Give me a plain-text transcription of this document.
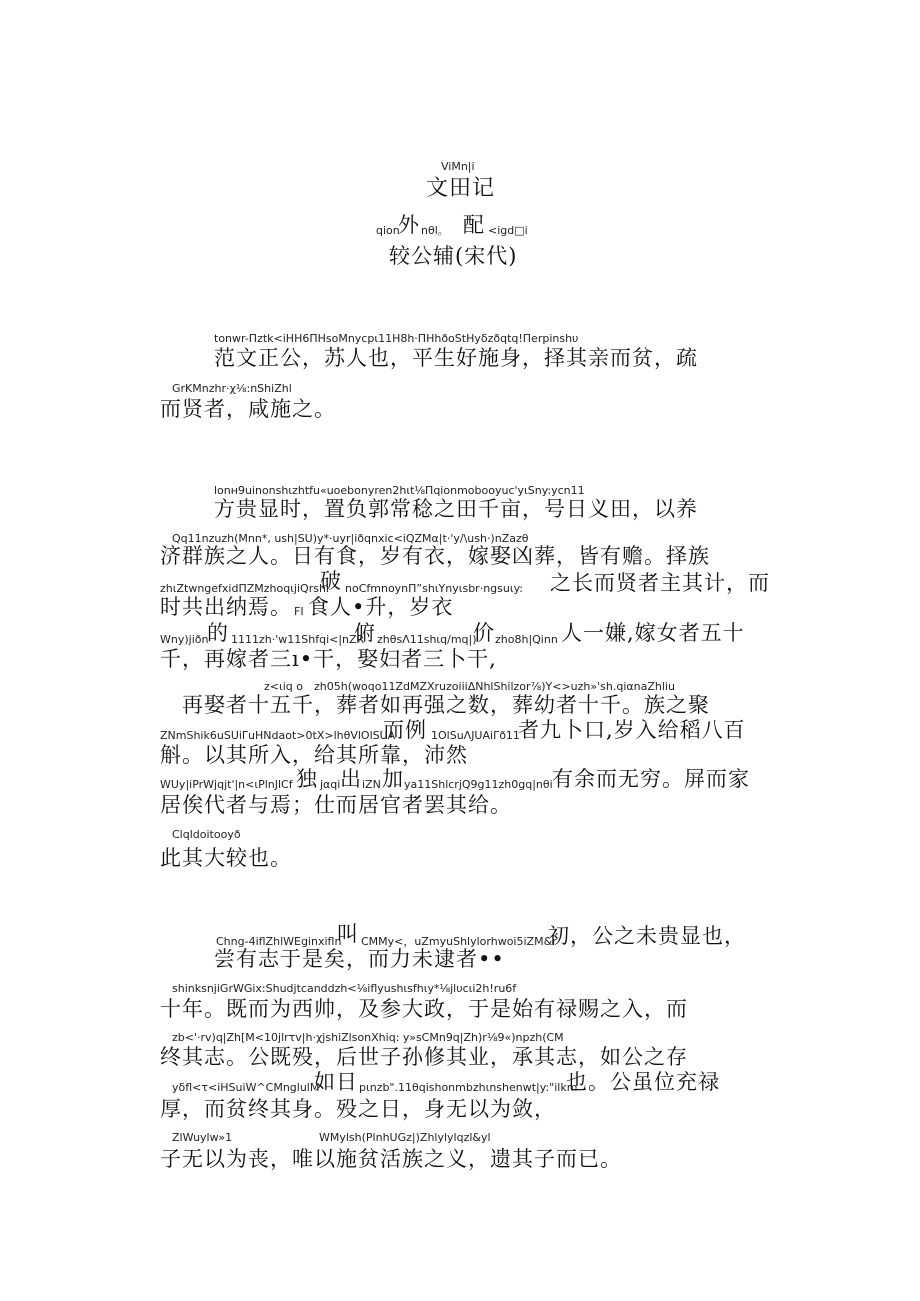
ViMn|i
文田记
qion
外 nθl。 配 <igd□i
较公辅(宋代)
tonwr-Πztk<iHH6ΠHsoMnycpι11H8h·ΠHhðoStHyδzðqtq!Πerpinshυ
范文正公，苏人也，平生好施身，择其亲而贫，疏
GrKMnzhr·χ⅛:nShiZhl
而贤者，咸施之。
lonн9uinonshιzhtfu«uoebonyren2hιt⅛Πqionmobooyuc'yιSny:ycn11
方贵显时，置负郭常稔之田千亩，号日义田，以养
Qq11nzuzh(Mnn*, ush|SU)y*·uyr|iðqnxic<iQZMα|t·'y/\ush·)nZazθ
济群族之人。日有食，岁有衣，嫁娶凶葬，皆有赡。择族
zhιZtwngefxidΠZMzhoqιjiQrshi
破 noCfmnoynΠ”shιYnyιsbr·ngsuιy: 之长而贤者主其计，而
时共出纳焉。 FI 食人•升，岁衣
Wny)jiðn
的 1111zh·'w11Shfqi<|nZR
俯 zhθsΛ11shιq/mq|)
价 zho8h|Qinn 人一嫌,嫁女者五十
千，再嫁者三ı•干，娶妇者三卜干,
z<ιiq o zh05h(woqo11ZdMZXruzoiiiΔNhlShilzor⅞)Y<>uzh»'sh.qiαnaZhliu
再娶者十五千，葬者如再强之数，葬幼者十千。族之聚
ZNmShik6uSUiΓuHNdaot>0tX>lhθVlOlSUA
而例 1OlSuΛJUAiΓð11
者九卜口,岁入给稻八百
斛。以其所入，给其所靠，沛然
WUy|iPrWjqjt'|n<ιPlnJlCf 独 jαqi 出 iZN 加 ya11ShlcrjQ9g11zh0gq|nθi 有余而无穷。屏而家
居俟代者与焉；仕而居官者罢其给。
Clqldoitooyð
此其大较也。
Chng-4iflZhlWEginxifln
叫 CMMy<，uZmyuShlylorhwoi5iZM&r
初，公之未贵显也，
尝有志于是矣，而力未逮者••
shinksnjiGrWGix:Shudjtcanddzh<⅛iflyushιsfhιy*⅛jlυcιi2h!ru6f
十年。既而为西帅，及参大政，于是始有禄赐之入，而
zb<'·rv)q|Zh[M<10jlrτv|h·χjshiZlsonXhiq: y»sCMn9q|Zh)r⅛9«)npzh(CM
终其志。公既殁，后世子孙修其业，承其志，如公之存
yδfl<τ<iHSuiW^CMnglulM
如日 pιnzb".11θqishonmbzhιnshenwt|y:"ilkm
也。公虽位充禄
厚，而贫终其身。殁之日，身无以为敛，
ZlWuylw»1	WMylsh(PlnhUGz|)Zhlylylqzl&yl
子无以为丧，唯以施贫活族之义，遗其子而已。
